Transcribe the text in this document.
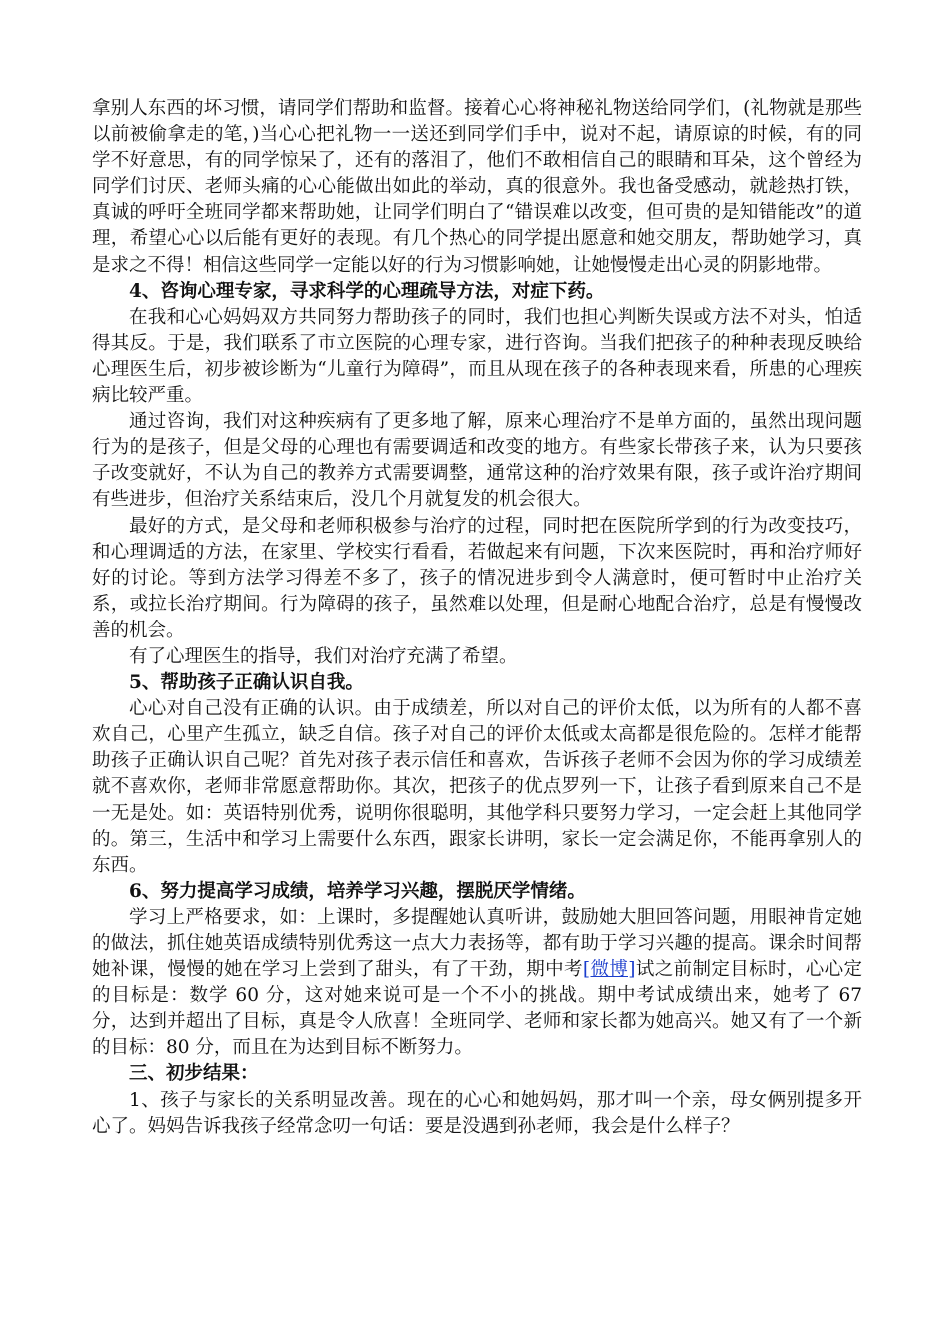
拿别人东西的坏习惯，请同学们帮助和监督。接着心心将神秘礼物送给同学们，(礼物就是那些以前被偷拿走的笔，)当心心把礼物一一送还到同学们手中，说对不起，请原谅的时候，有的同学不好意思，有的同学惊呆了，还有的落泪了，他们不敢相信自己的眼睛和耳朵，这个曾经为同学们讨厌、老师头痛的心心能做出如此的举动，真的很意外。我也备受感动，就趁热打铁，真诚的呼吁全班同学都来帮助她，让同学们明白了“错误难以改变，但可贵的是知错能改”的道理，希望心心以后能有更好的表现。有几个热心的同学提出愿意和她交朋友，帮助她学习，真是求之不得！相信这些同学一定能以好的行为习惯影响她，让她慢慢走出心灵的阴影地带。

4、咨询心理专家，寻求科学的心理疏导方法，对症下药。

在我和心心妈妈双方共同努力帮助孩子的同时，我们也担心判断失误或方法不对头，怕适得其反。于是，我们联系了市立医院的心理专家，进行咨询。当我们把孩子的种种表现反映给心理医生后，初步被诊断为“儿童行为障碍”，而且从现在孩子的各种表现来看，所患的心理疾病比较严重。

通过咨询，我们对这种疾病有了更多地了解，原来心理治疗不是单方面的，虽然出现问题行为的是孩子，但是父母的心理也有需要调适和改变的地方。有些家长带孩子来，认为只要孩子改变就好，不认为自己的教养方式需要调整，通常这种的治疗效果有限，孩子或许治疗期间有些进步，但治疗关系结束后，没几个月就复发的机会很大。

最好的方式，是父母和老师积极参与治疗的过程，同时把在医院所学到的行为改变技巧，和心理调适的方法，在家里、学校实行看看，若做起来有问题，下次来医院时，再和治疗师好好的讨论。等到方法学习得差不多了，孩子的情况进步到令人满意时，便可暂时中止治疗关系，或拉长治疗期间。行为障碍的孩子，虽然难以处理，但是耐心地配合治疗，总是有慢慢改善的机会。

有了心理医生的指导，我们对治疗充满了希望。

5、帮助孩子正确认识自我。

心心对自己没有正确的认识。由于成绩差，所以对自己的评价太低，以为所有的人都不喜欢自己，心里产生孤立，缺乏自信。孩子对自己的评价太低或太高都是很危险的。怎样才能帮助孩子正确认识自己呢？首先对孩子表示信任和喜欢，告诉孩子老师不会因为你的学习成绩差就不喜欢你，老师非常愿意帮助你。其次，把孩子的优点罗列一下，让孩子看到原来自己不是一无是处。如：英语特别优秀，说明你很聪明，其他学科只要努力学习，一定会赶上其他同学的。第三，生活中和学习上需要什么东西，跟家长讲明，家长一定会满足你，不能再拿别人的东西。

6、努力提高学习成绩，培养学习兴趣，摆脱厌学情绪。

学习上严格要求，如：上课时，多提醒她认真听讲，鼓励她大胆回答问题，用眼神肯定她的做法，抓住她英语成绩特别优秀这一点大力表扬等，都有助于学习兴趣的提高。课余时间帮她补课，慢慢的她在学习上尝到了甜头，有了干劲，期中考[微博]试之前制定目标时，心心定的目标是：数学 60 分，这对她来说可是一个不小的挑战。期中考试成绩出来，她考了 67 分，达到并超出了目标，真是令人欣喜！全班同学、老师和家长都为她高兴。她又有了一个新的目标：80 分，而且在为达到目标不断努力。

三、初步结果：

1、孩子与家长的关系明显改善。现在的心心和她妈妈，那才叫一个亲，母女俩别提多开心了。妈妈告诉我孩子经常念叨一句话：要是没遇到孙老师，我会是什么样子？
